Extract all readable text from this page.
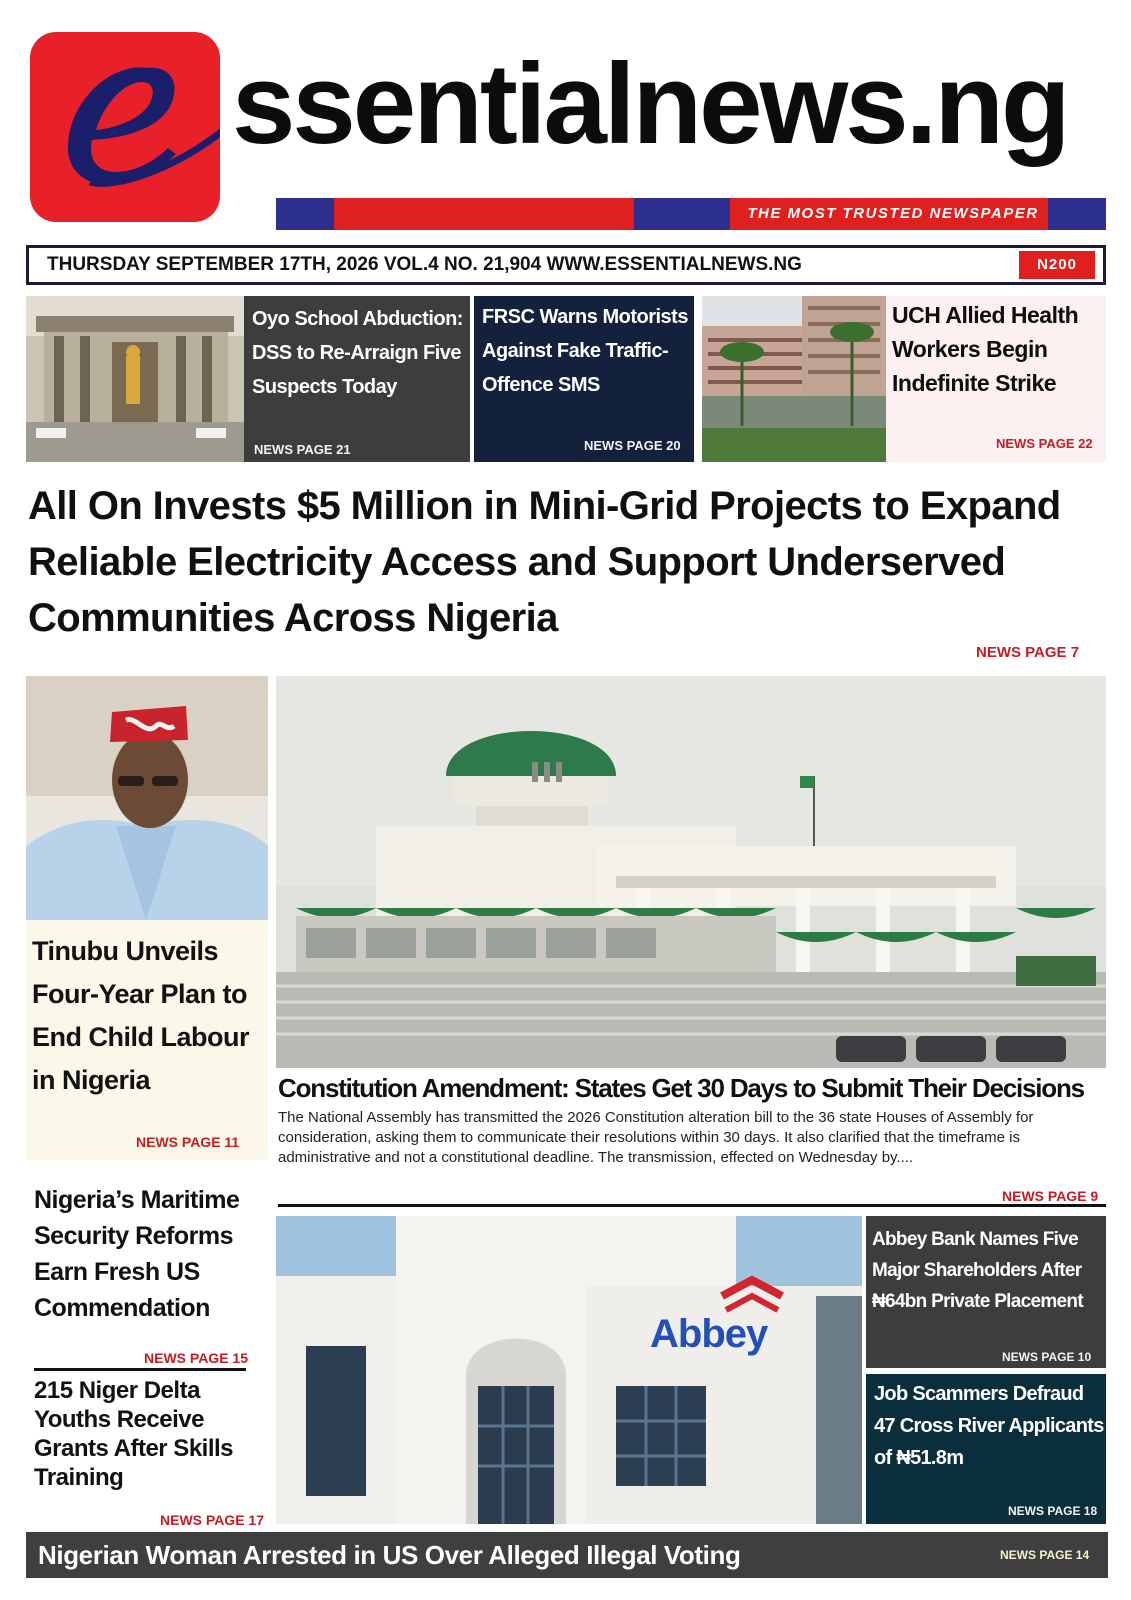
ssentialnews.ng
THE MOST TRUSTED NEWSPAPER
THURSDAY SEPTEMBER 17TH, 2026 VOL.4 NO. 21,904 WWW.ESSENTIALNEWS.NG	N200
Oyo School Abduction: DSS to Re-Arraign Five Suspects Today
NEWS PAGE 21
FRSC Warns Motorists Against Fake Traffic-Offence SMS
NEWS PAGE 20
UCH Allied Health Workers Begin Indefinite Strike
NEWS PAGE 22
All On Invests $5 Million in Mini-Grid Projects to Expand Reliable Electricity Access and Support Underserved Communities Across Nigeria
NEWS PAGE 7
Tinubu Unveils Four-Year Plan to End Child Labour in Nigeria
NEWS PAGE 11
Constitution Amendment: States Get 30 Days to Submit Their Decisions
The National Assembly has transmitted the 2026 Constitution alteration bill to the 36 state Houses of Assembly for consideration, asking them to communicate their resolutions within 30 days. It also clarified that the timeframe is administrative and not a constitutional deadline. The transmission, effected on Wednesday by....
NEWS PAGE 9
Nigeria’s Maritime Security Reforms Earn Fresh US Commendation
NEWS PAGE 15
215 Niger Delta Youths Receive Grants After Skills Training
NEWS PAGE 17
Abbey
Abbey Bank Names Five Major Shareholders After ₦64bn Private Placement
NEWS PAGE 10
Job Scammers Defraud 47 Cross River Applicants of ₦51.8m
NEWS PAGE 18
Nigerian Woman Arrested in US Over Alleged Illegal Voting	NEWS PAGE 14
